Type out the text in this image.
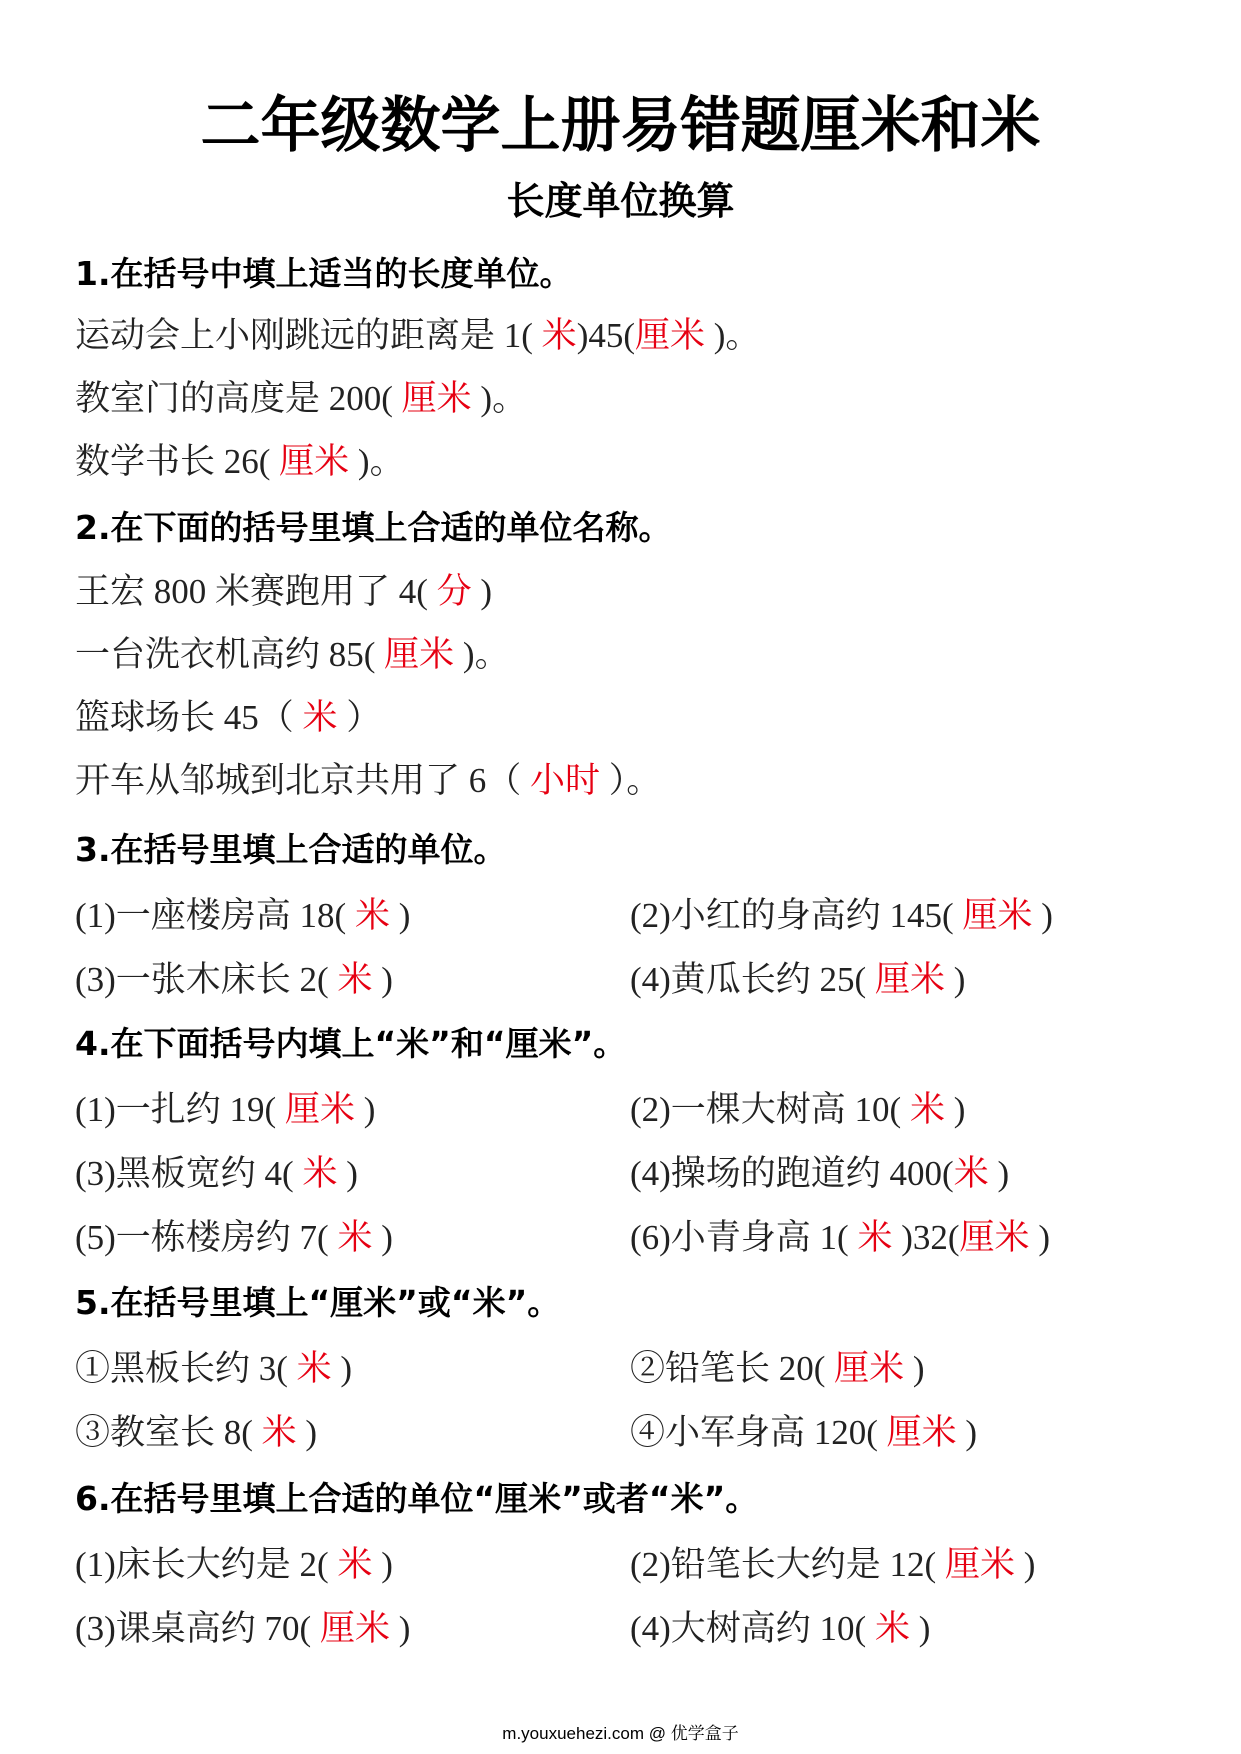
二年级数学上册易错题厘米和米
长度单位换算
1.在括号中填上适当的长度单位。
运动会上小刚跳远的距离是 1( 米)45(厘米 )。
教室门的高度是 200( 厘米 )。
数学书长 26( 厘米 )。
2.在下面的括号里填上合适的单位名称。
王宏 800 米赛跑用了 4( 分 )
一台洗衣机高约 85( 厘米 )。
篮球场长 45（ 米 ）
开车从邹城到北京共用了 6（ 小时 ）。
3.在括号里填上合适的单位。
(1)一座楼房高 18( 米 )	(2)小红的身高约 145( 厘米 )
(3)一张木床长 2( 米 )	(4)黄瓜长约 25( 厘米 )
4.在下面括号内填上“米”和“厘米”。
(1)一扎约 19( 厘米 )	(2)一棵大树高 10( 米 )
(3)黑板宽约 4( 米 )	(4)操场的跑道约 400(米 )
(5)一栋楼房约 7( 米 )	(6)小青身高 1( 米 )32(厘米 )
5.在括号里填上“厘米”或“米”。
①黑板长约 3( 米 )	②铅笔长 20( 厘米 )
③教室长 8( 米 )	④小军身高 120( 厘米 )
6.在括号里填上合适的单位“厘米”或者“米”。
(1)床长大约是 2( 米 )	(2)铅笔长大约是 12( 厘米 )
(3)课桌高约 70( 厘米 )	(4)大树高约 10( 米 )
m.youxuehezi.com @ 优学盒子
